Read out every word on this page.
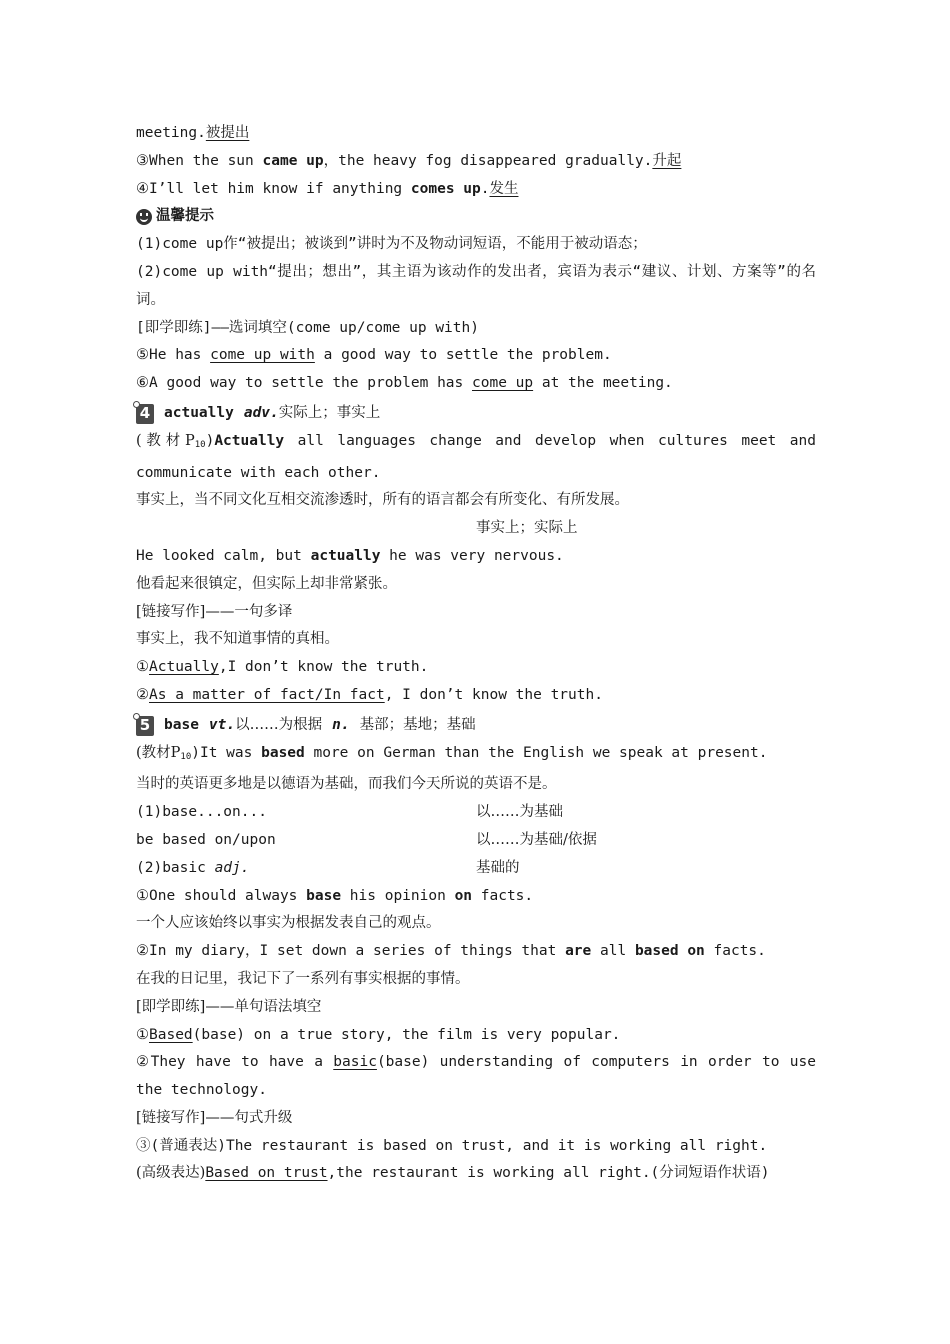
meeting.被提出
③When the sun came up，the heavy fog disappeared gradually.升起
④I’ll let him know if anything comes up.发生
温馨提示
(1)come up作“被提出；被谈到”讲时为不及物动词短语，不能用于被动语态；
(2)come up with“提出；想出”，其主语为该动作的发出者，宾语为表示“建议、计划、方案等”的名词。
[即学即练]——选词填空(come up/come up with)
⑤He has come up with a good way to settle the problem.
⑥A good way to settle the problem has come up at the meeting.
4 actually adv. 实际上；事实上
(教材$P_{10})Actually$ all languages change and develop when cultures meet and communicate with each other.
事实上，当不同文化互相交流渗透时，所有的语言都会有所变化、有所发展。
事实上；实际上
He looked calm, but actually he was very nervous.
他看起来很镇定，但实际上却非常紧张。
[链接写作]——一句多译
事实上，我不知道事情的真相。
①Actually,I don’t know the truth.
②As a matter of fact/In fact, I don’t know the truth.
5 base vt. 以……为根据 n. 基部；基地；基础
(教材$P_{10})It$ was based more on German than the English we speak at present.
当时的英语更多地是以德语为基础，而我们今天所说的英语不是。
(1)base...on...	以……为基础
be based on/upon	以……为基础/依据
(2)basic adj.	基础的
①One should always base his opinion on facts.
一个人应该始终以事实为根据发表自己的观点。
②In my diary，I set down a series of things that are all based on facts.
在我的日记里，我记下了一系列有事实根据的事情。
[即学即练]——单句语法填空
①Based(base) on a true story, the film is very popular.
②They have to have a basic(base) understanding of computers in order to use the technology.
[链接写作]——句式升级
③(普通表达)The restaurant is based on trust, and it is working all right.
(高级表达)Based on trust,the restaurant is working all right.(分词短语作状语)
